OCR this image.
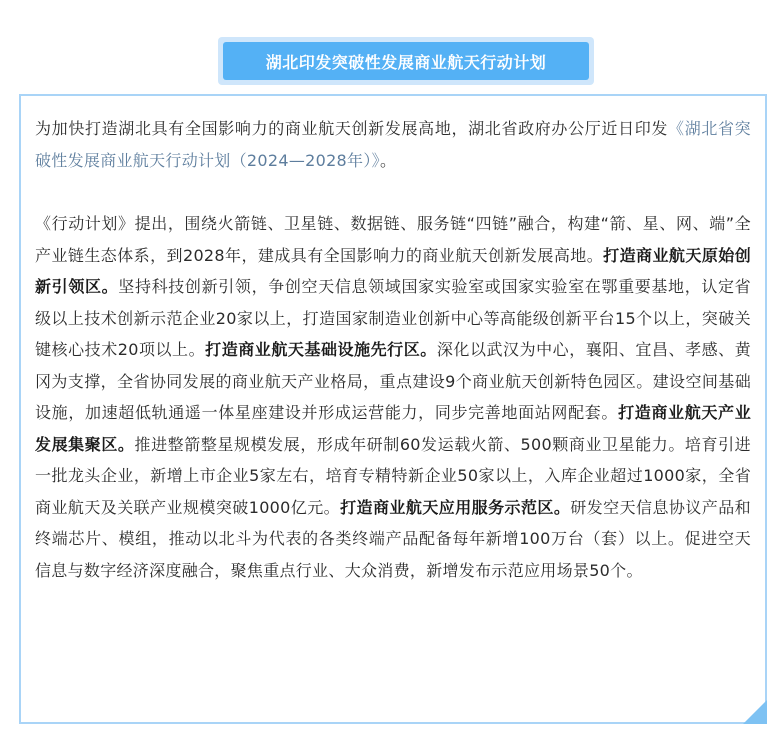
湖北印发突破性发展商业航天行动计划
为加快打造湖北具有全国影响力的商业航天创新发展高地，湖北省政府办公厅近日印发《湖北省突破性发展商业航天行动计划（2024—2028年）》。
《行动计划》提出，围绕火箭链、卫星链、数据链、服务链“四链”融合，构建“箭、星、网、端”全产业链生态体系，到2028年，建成具有全国影响力的商业航天创新发展高地。打造商业航天原始创新引领区。坚持科技创新引领，争创空天信息领域国家实验室或国家实验室在鄂重要基地，认定省级以上技术创新示范企业20家以上，打造国家制造业创新中心等高能级创新平台15个以上，突破关键核心技术20项以上。打造商业航天基础设施先行区。深化以武汉为中心，襄阳、宜昌、孝感、黄冈为支撑，全省协同发展的商业航天产业格局，重点建设9个商业航天创新特色园区。建设空间基础设施，加速超低轨通遥一体星座建设并形成运营能力，同步完善地面站网配套。打造商业航天产业发展集聚区。推进整箭整星规模发展，形成年研制60发运载火箭、500颗商业卫星能力。培育引进一批龙头企业，新增上市企业5家左右，培育专精特新企业50家以上，入库企业超过1000家，全省商业航天及关联产业规模突破1000亿元。打造商业航天应用服务示范区。研发空天信息协议产品和终端芯片、模组，推动以北斗为代表的各类终端产品配备每年新增100万台（套）以上。促进空天信息与数字经济深度融合，聚焦重点行业、大众消费，新增发布示范应用场景50个。
